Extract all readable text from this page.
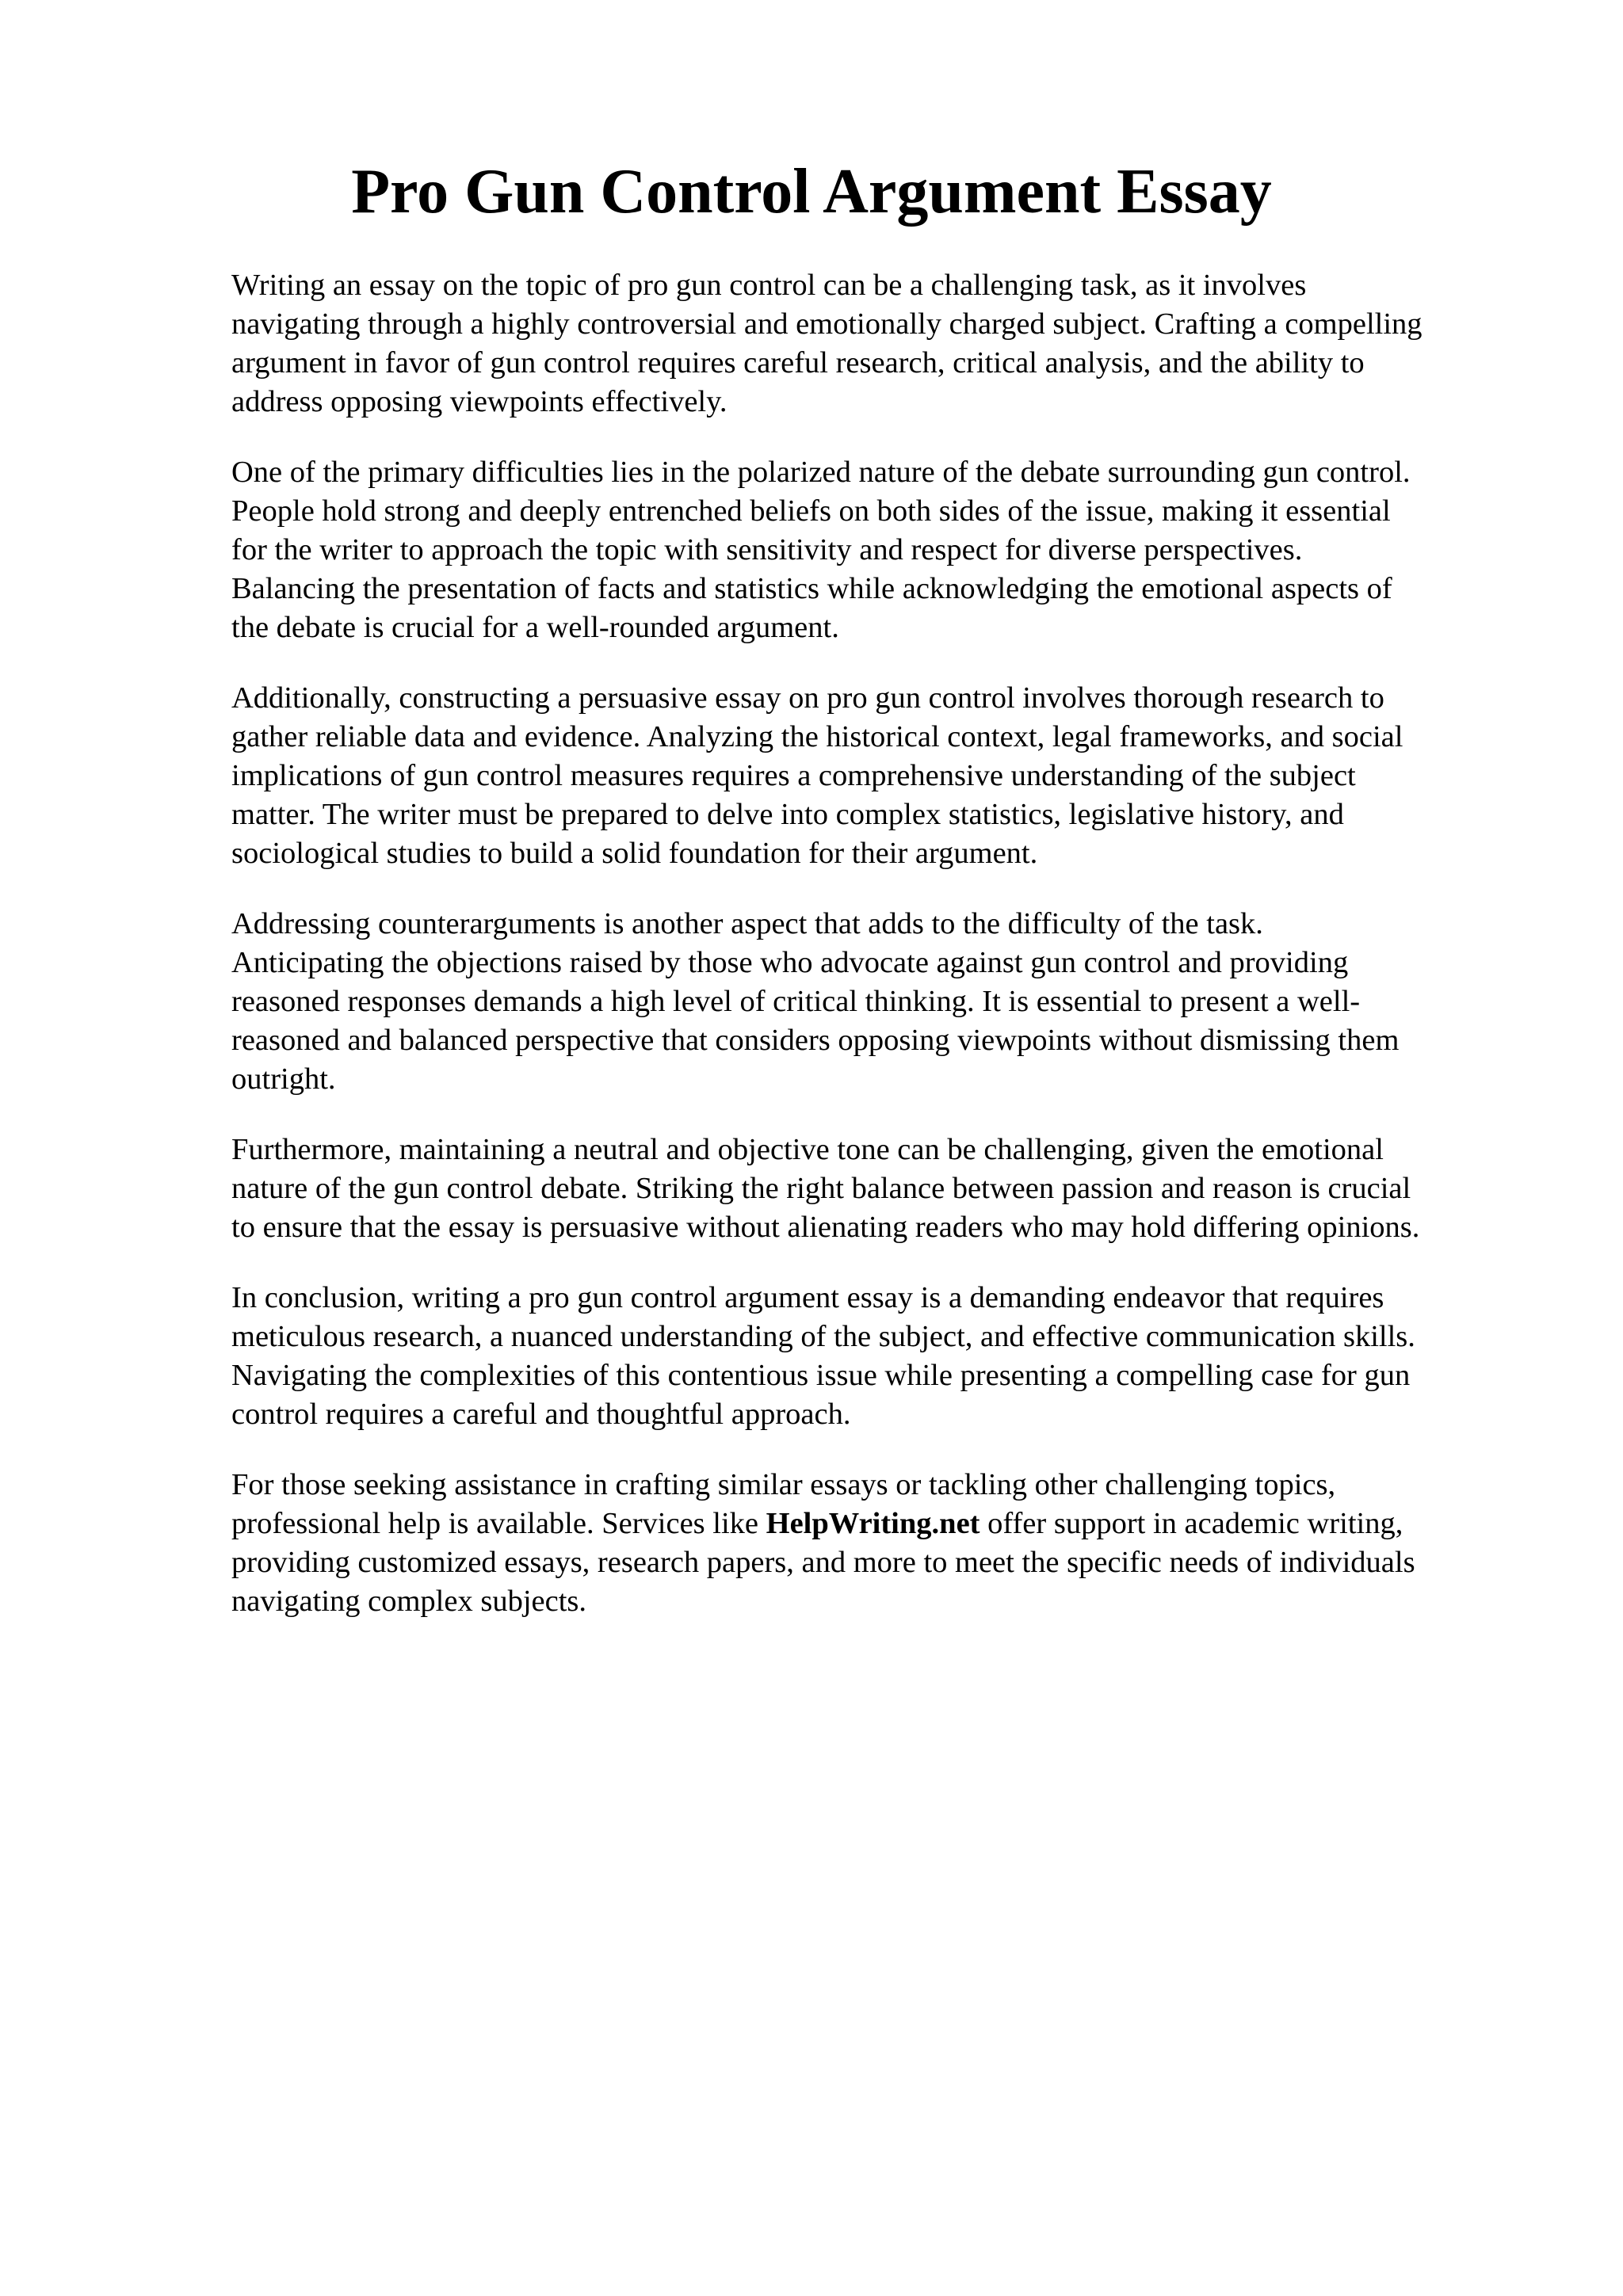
Pro Gun Control Argument Essay

Writing an essay on the topic of pro gun control can be a challenging task, as it involves
navigating through a highly controversial and emotionally charged subject. Crafting a compelling
argument in favor of gun control requires careful research, critical analysis, and the ability to
address opposing viewpoints effectively.

One of the primary difficulties lies in the polarized nature of the debate surrounding gun control.
People hold strong and deeply entrenched beliefs on both sides of the issue, making it essential
for the writer to approach the topic with sensitivity and respect for diverse perspectives.
Balancing the presentation of facts and statistics while acknowledging the emotional aspects of
the debate is crucial for a well-rounded argument.

Additionally, constructing a persuasive essay on pro gun control involves thorough research to
gather reliable data and evidence. Analyzing the historical context, legal frameworks, and social
implications of gun control measures requires a comprehensive understanding of the subject
matter. The writer must be prepared to delve into complex statistics, legislative history, and
sociological studies to build a solid foundation for their argument.

Addressing counterarguments is another aspect that adds to the difficulty of the task.
Anticipating the objections raised by those who advocate against gun control and providing
reasoned responses demands a high level of critical thinking. It is essential to present a well-
reasoned and balanced perspective that considers opposing viewpoints without dismissing them
outright.

Furthermore, maintaining a neutral and objective tone can be challenging, given the emotional
nature of the gun control debate. Striking the right balance between passion and reason is crucial
to ensure that the essay is persuasive without alienating readers who may hold differing opinions.

In conclusion, writing a pro gun control argument essay is a demanding endeavor that requires
meticulous research, a nuanced understanding of the subject, and effective communication skills.
Navigating the complexities of this contentious issue while presenting a compelling case for gun
control requires a careful and thoughtful approach.

For those seeking assistance in crafting similar essays or tackling other challenging topics,
professional help is available. Services like HelpWriting.net offer support in academic writing,
providing customized essays, research papers, and more to meet the specific needs of individuals
navigating complex subjects.
